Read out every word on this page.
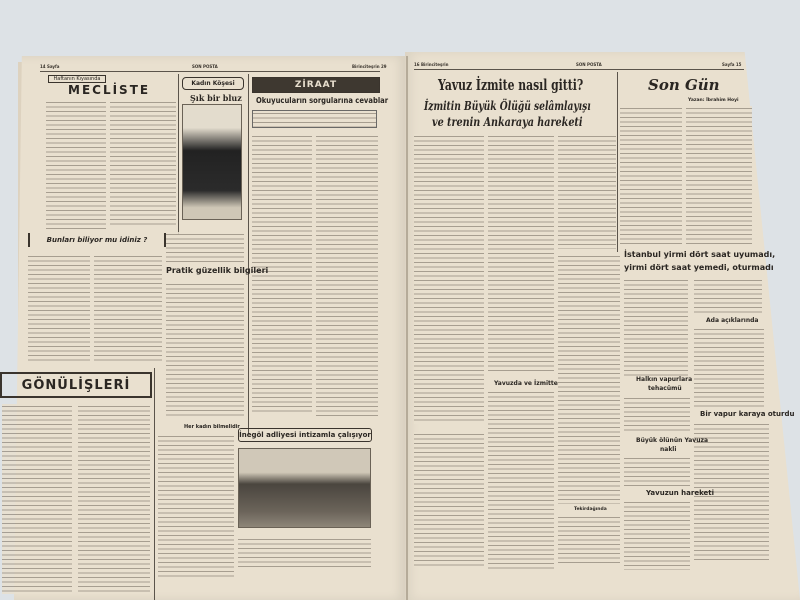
14 Sayfa	SON POSTA	Birinciteşrin 29
Haftanın Kıyasında
MECLİSTE	Kadın Köşesi
Şık bir bluz
ZİRAAT
Okuyucuların sorgularına cevablar
Bunları biliyor mu idiniz ?
Pratik güzellik bilgileri
GÖNÜLİŞLERİ
Her kadın bilmelidir
İnegöl adliyesi intizamla çalışıyor
16 Birinciteşrin	SON POSTA	Sayfa 15
Yavuz İzmite nasıl gitti?
İzmitin Büyük Ölüğü selâmlayışı
ve trenin Ankaraya hareketi
Son Gün
Yazan: İbrahim Hoyi
İstanbul yirmi dört saat uyumadı,
yirmi dört saat yemedi, oturmadı
Ada açıklarında
Bir vapur karaya oturdu
Halkın vapurlara
tehacümü
Büyük ölünün Yavuza
nakli
Yavuzun hareketi
Yavuzda ve İzmitte
Tekirdağında
